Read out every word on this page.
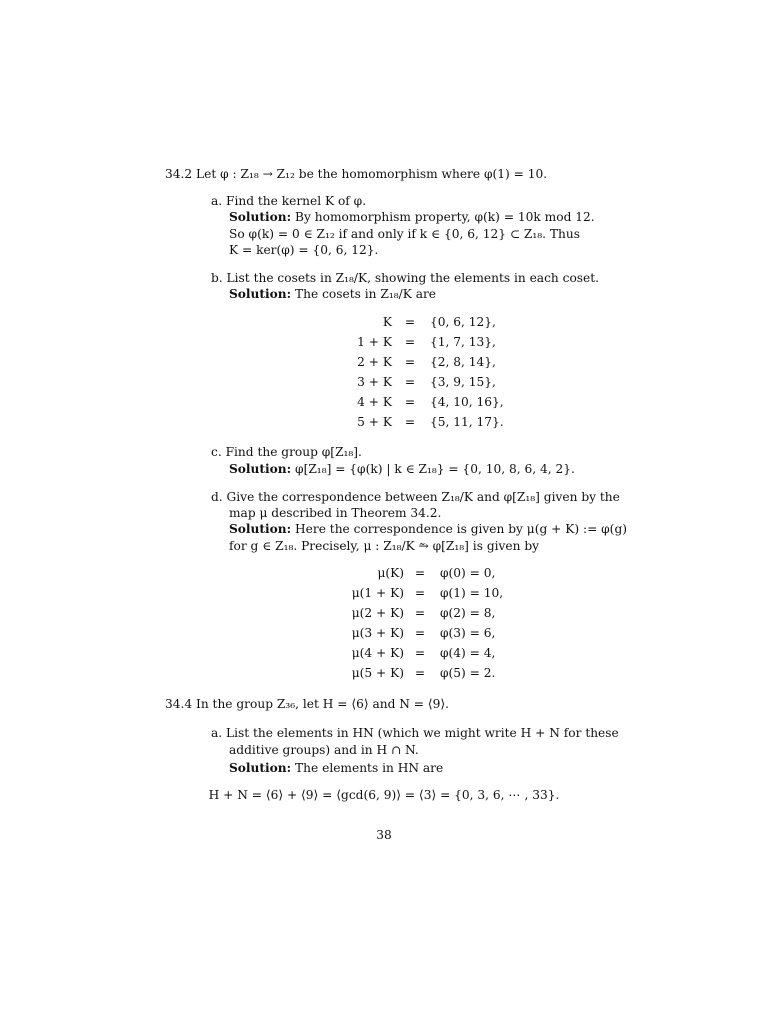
34.2 Let φ : Z₁₈ → Z₁₂ be the homomorphism where φ(1) = 10.
a. Find the kernel K of φ.
Solution: By homomorphism property, φ(k) = 10k mod 12.
So φ(k) = 0 ∈ Z₁₂ if and only if k ∈ {0, 6, 12} ⊂ Z₁₈. Thus
K = ker(φ) = {0, 6, 12}.
b. List the cosets in Z₁₈/K, showing the elements in each coset.
Solution: The cosets in Z₁₈/K are
K	=	{0, 6, 12},
1 + K	=	{1, 7, 13},
2 + K	=	{2, 8, 14},
3 + K	=	{3, 9, 15},
4 + K	=	{4, 10, 16},
5 + K	=	{5, 11, 17}.
c. Find the group φ[Z₁₈].
Solution: φ[Z₁₈] = {φ(k) | k ∈ Z₁₈} = {0, 10, 8, 6, 4, 2}.
d. Give the correspondence between Z₁₈/K and φ[Z₁₈] given by the
map μ described in Theorem 34.2.
Solution: Here the correspondence is given by μ(g + K) := φ(g)
for g ∈ Z₁₈. Precisely, μ : Z₁₈/K ⥲ φ[Z₁₈] is given by
μ(K) =	φ(0) = 0,
μ(1 + K) =	φ(1) = 10,
μ(2 + K) =	φ(2) = 8,
μ(3 + K) =	φ(3) = 6,
μ(4 + K) =	φ(4) = 4,
μ(5 + K) =	φ(5) = 2.
34.4 In the group Z₃₆, let H = ⟨6⟩ and N = ⟨9⟩.
a. List the elements in HN (which we might write H + N for these
additive groups) and in H ∩ N.
Solution: The elements in HN are
H + N = ⟨6⟩ + ⟨9⟩ = ⟨gcd(6, 9)⟩ = ⟨3⟩ = {0, 3, 6, ⋯ , 33}.
38
